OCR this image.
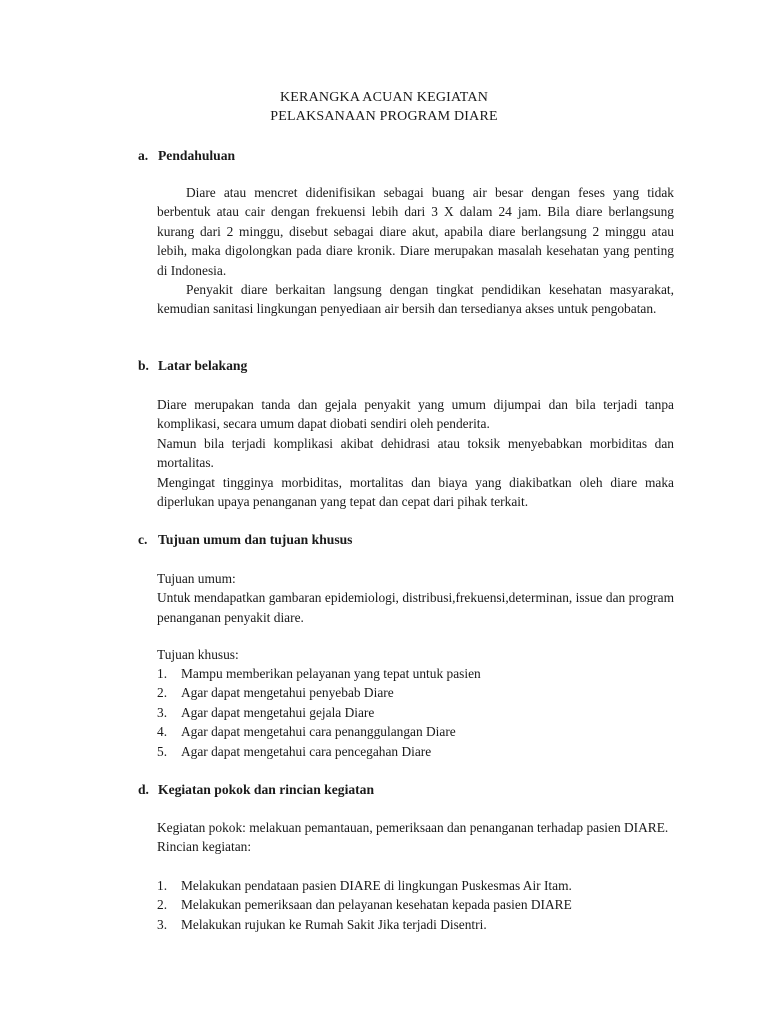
KERANGKA ACUAN KEGIATAN
PELAKSANAAN PROGRAM DIARE
a. Pendahuluan

Diare atau mencret didenifisikan sebagai buang air besar dengan feses yang tidak berbentuk atau cair dengan frekuensi lebih dari 3 X dalam 24 jam. Bila diare berlangsung kurang dari 2 minggu, disebut sebagai diare akut, apabila diare berlangsung 2 minggu atau lebih, maka digolongkan pada diare kronik. Diare merupakan masalah kesehatan yang penting di Indonesia.

Penyakit diare berkaitan langsung dengan tingkat pendidikan kesehatan masyarakat, kemudian sanitasi lingkungan penyediaan air bersih dan tersedianya akses untuk pengobatan.

b. Latar belakang

Diare merupakan tanda dan gejala penyakit yang umum dijumpai dan bila terjadi tanpa komplikasi, secara umum dapat diobati sendiri oleh penderita.

Namun bila terjadi komplikasi akibat dehidrasi atau toksik menyebabkan morbiditas dan mortalitas.

Mengingat tingginya morbiditas, mortalitas dan biaya yang diakibatkan oleh diare maka diperlukan upaya penanganan yang tepat dan cepat dari pihak terkait.

c. Tujuan umum dan tujuan khusus

Tujuan umum:

Untuk mendapatkan gambaran epidemiologi, distribusi,frekuensi,determinan, issue dan program penanganan penyakit diare.

Tujuan khusus:
1. Mampu memberikan pelayanan yang tepat untuk pasien
2. Agar dapat mengetahui penyebab Diare
3. Agar dapat mengetahui gejala Diare
4. Agar dapat mengetahui cara penanggulangan Diare
5. Agar dapat mengetahui cara pencegahan Diare
d. Kegiatan pokok dan rincian kegiatan

Kegiatan pokok: melakuan pemantauan, pemeriksaan dan penanganan terhadap pasien DIARE.

Rincian kegiatan:

1. Melakukan pendataan pasien DIARE di lingkungan Puskesmas Air Itam.
2. Melakukan pemeriksaan dan pelayanan kesehatan kepada pasien DIARE
3. Melakukan rujukan ke Rumah Sakit Jika terjadi Disentri.
